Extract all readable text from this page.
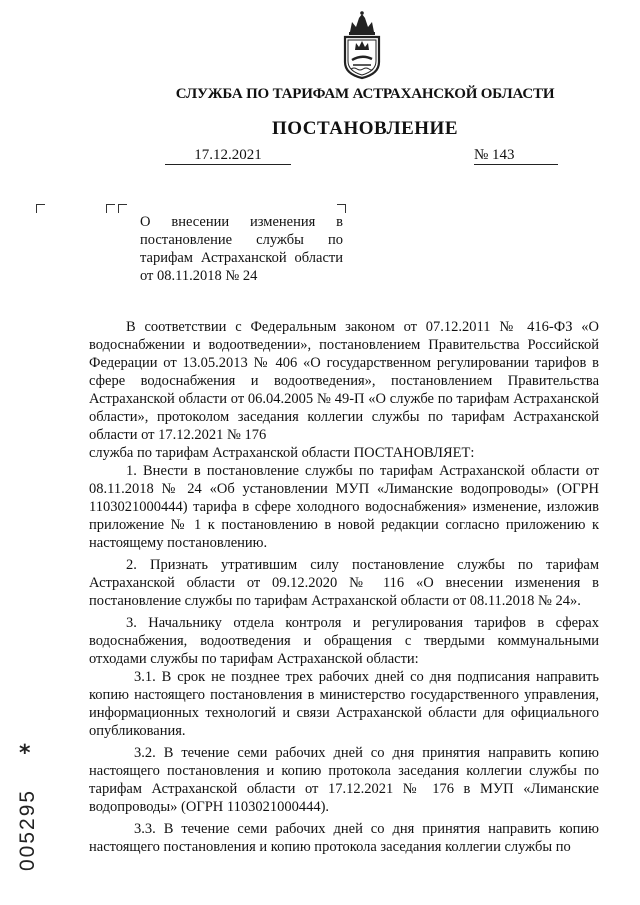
СЛУЖБА ПО ТАРИФАМ АСТРАХАНСКОЙ ОБЛАСТИ
ПОСТАНОВЛЕНИЕ
17.12.2021	№ 143
О внесении изменения в
постановление службы по
тарифам Астраханской области
от 08.11.2018 № 24

В соответствии с Федеральным законом от 07.12.2011 № 416-ФЗ «О водоснабжении и водоотведении», постановлением Правительства Российской Федерации от 13.05.2013 № 406 «О государственном регулировании тарифов в сфере водоснабжения и водоотведения», постановлением Правительства Астраханской области от 06.04.2005 № 49-П «О службе по тарифам Астраханской области», протоколом заседания коллегии службы по тарифам Астраханской области от 17.12.2021 № 176

служба по тарифам Астраханской области ПОСТАНОВЛЯЕТ:

1. Внести в постановление службы по тарифам Астраханской области от 08.11.2018 № 24 «Об установлении МУП «Лиманские водопроводы» (ОГРН 1103021000444) тарифа в сфере холодного водоснабжения» изменение, изложив приложение № 1 к постановлению в новой редакции согласно приложению к настоящему постановлению.

2. Признать утратившим силу постановление службы по тарифам Астраханской области от 09.12.2020 № 116 «О внесении изменения в постановление службы по тарифам Астраханской области от 08.11.2018 № 24».

3. Начальнику отдела контроля и регулирования тарифов в сферах водоснабжения, водоотведения и обращения с твердыми коммунальными отходами службы по тарифам Астраханской области:

3.1. В срок не позднее трех рабочих дней со дня подписания направить копию настоящего постановления в министерство государственного управления, информационных технологий и связи Астраханской области для официального опубликования.

3.2. В течение семи рабочих дней со дня принятия направить копию настоящего постановления и копию протокола заседания коллегии службы по тарифам Астраханской области от 17.12.2021 № 176 в МУП «Лиманские водопроводы» (ОГРН 1103021000444).

3.3. В течение семи рабочих дней со дня принятия направить копию настоящего постановления и копию протокола заседания коллегии службы по

*
005295
